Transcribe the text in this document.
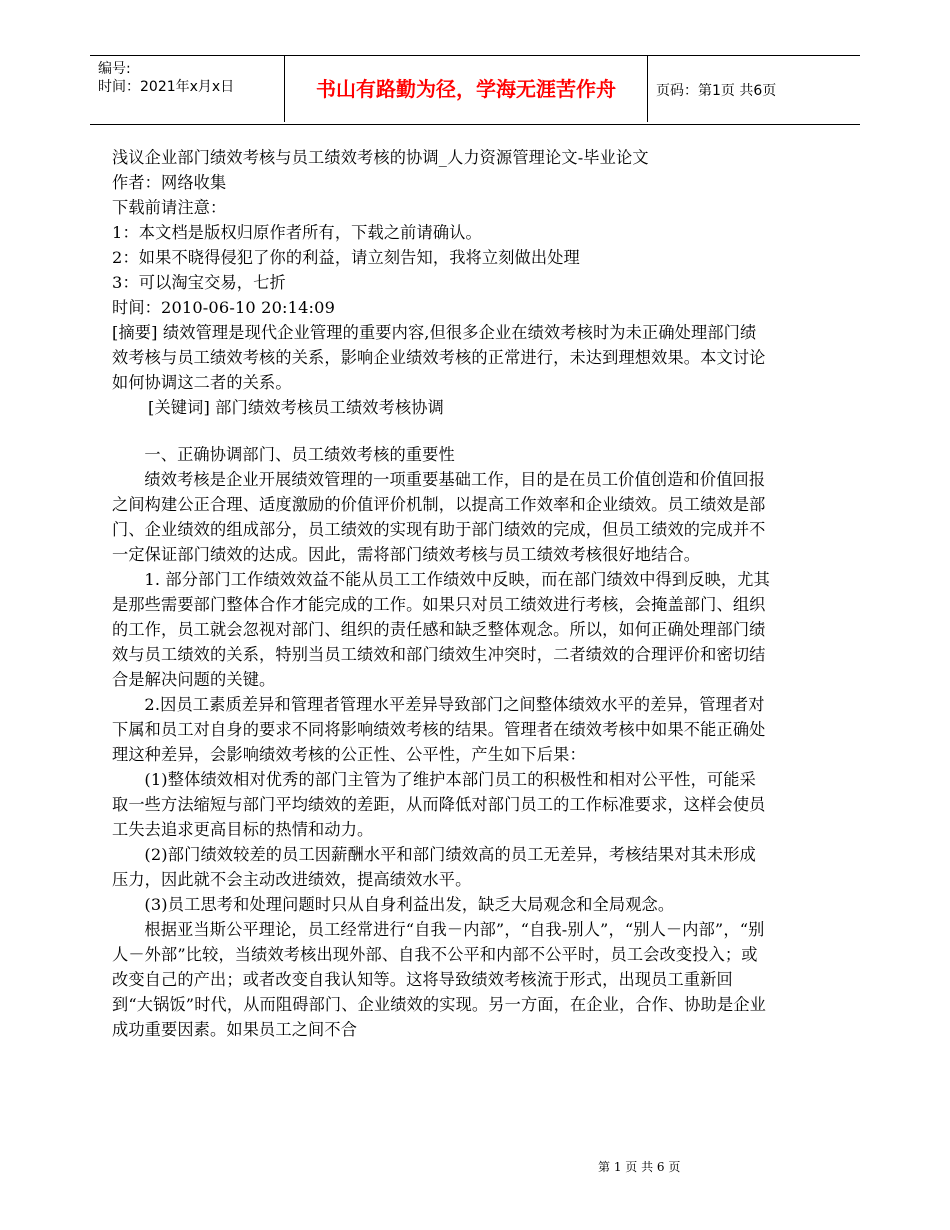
编号:
时间：2021年x月x日	书山有路勤为径，学海无涯苦作舟	页码：第1页 共6页

浅议企业部门绩效考核与员工绩效考核的协调_人力资源管理论文-毕业论文

作者：网络收集

下载前请注意：

1：本文档是版权归原作者所有，下载之前请确认。

2：如果不晓得侵犯了你的利益，请立刻告知，我将立刻做出处理

3：可以淘宝交易，七折

时间：2010-06-10 20:14:09

[摘要] 绩效管理是现代企业管理的重要内容,但很多企业在绩效考核时为未正确处理部门绩效考核与员工绩效考核的关系，影响企业绩效考核的正常进行，未达到理想效果。本文讨论如何协调这二者的关系。

[关键词] 部门绩效考核员工绩效考核协调

一、正确协调部门、员工绩效考核的重要性

绩效考核是企业开展绩效管理的一项重要基础工作，目的是在员工价值创造和价值回报之间构建公正合理、适度激励的价值评价机制，以提高工作效率和企业绩效。员工绩效是部门、企业绩效的组成部分，员工绩效的实现有助于部门绩效的完成，但员工绩效的完成并不一定保证部门绩效的达成。因此，需将部门绩效考核与员工绩效考核很好地结合。

1. 部分部门工作绩效效益不能从员工工作绩效中反映，而在部门绩效中得到反映，尤其是那些需要部门整体合作才能完成的工作。如果只对员工绩效进行考核，会掩盖部门、组织的工作，员工就会忽视对部门、组织的责任感和缺乏整体观念。所以，如何正确处理部门绩效与员工绩效的关系，特别当员工绩效和部门绩效生冲突时，二者绩效的合理评价和密切结合是解决问题的关键。

2.因员工素质差异和管理者管理水平差异导致部门之间整体绩效水平的差异，管理者对下属和员工对自身的要求不同将影响绩效考核的结果。管理者在绩效考核中如果不能正确处理这种差异，会影响绩效考核的公正性、公平性，产生如下后果：

(1)整体绩效相对优秀的部门主管为了维护本部门员工的积极性和相对公平性，可能采取一些方法缩短与部门平均绩效的差距，从而降低对部门员工的工作标准要求，这样会使员工失去追求更高目标的热情和动力。

(2)部门绩效较差的员工因薪酬水平和部门绩效高的员工无差异，考核结果对其未形成压力，因此就不会主动改进绩效，提高绩效水平。

(3)员工思考和处理问题时只从自身利益出发，缺乏大局观念和全局观念。

根据亚当斯公平理论，员工经常进行“自我－内部”，“自我-别人”，“别人－内部”，“别人－外部”比较，当绩效考核出现外部、自我不公平和内部不公平时，员工会改变投入；或改变自己的产出；或者改变自我认知等。这将导致绩效考核流于形式，出现员工重新回到“大锅饭”时代，从而阻碍部门、企业绩效的实现。另一方面，在企业，合作、协助是企业成功重要因素。如果员工之间不合

第 1 页 共 6 页
